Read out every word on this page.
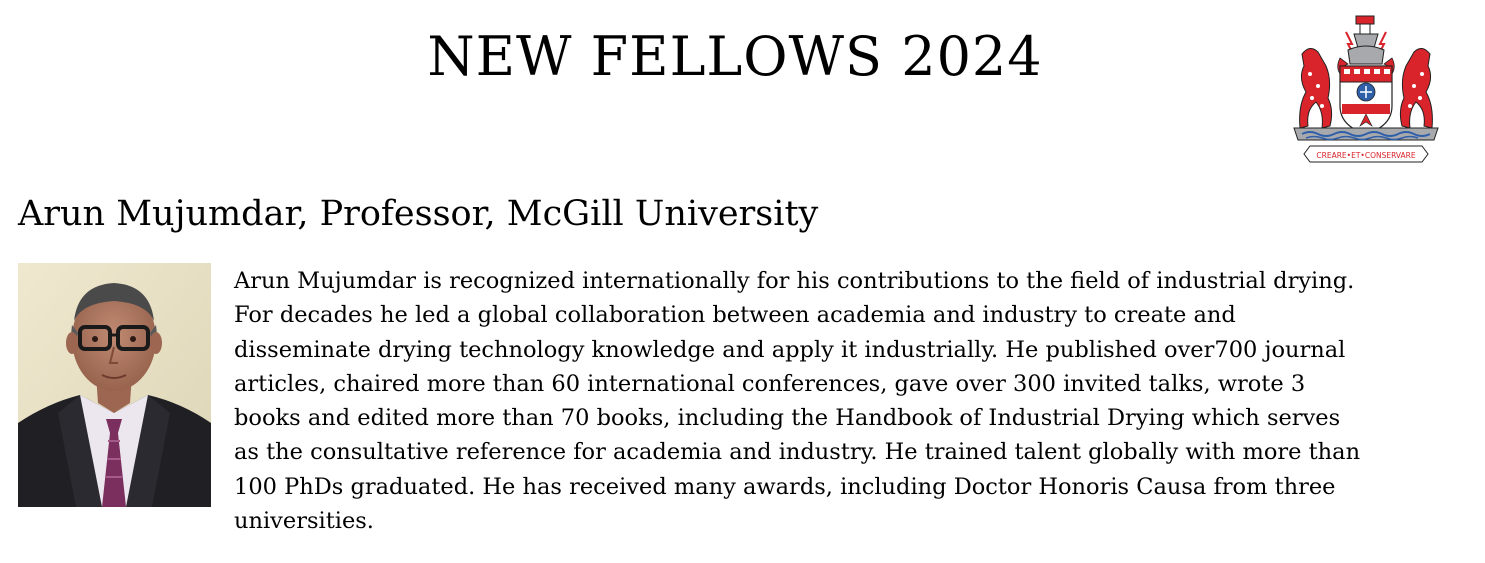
NEW FELLOWS 2024
CREARE•ET•CONSERVARE
Arun Mujumdar, Professor, McGill University

Arun Mujumdar is recognized internationally for his contributions to the field of industrial drying.
For decades he led a global collaboration between academia and industry to create and
disseminate drying technology knowledge and apply it industrially. He published over700 journal
articles, chaired more than 60 international conferences, gave over 300 invited talks, wrote 3
books and edited more than 70 books, including the Handbook of Industrial Drying which serves
as the consultative reference for academia and industry. He trained talent globally with more than
100 PhDs graduated. He has received many awards, including Doctor Honoris Causa from three
universities.
